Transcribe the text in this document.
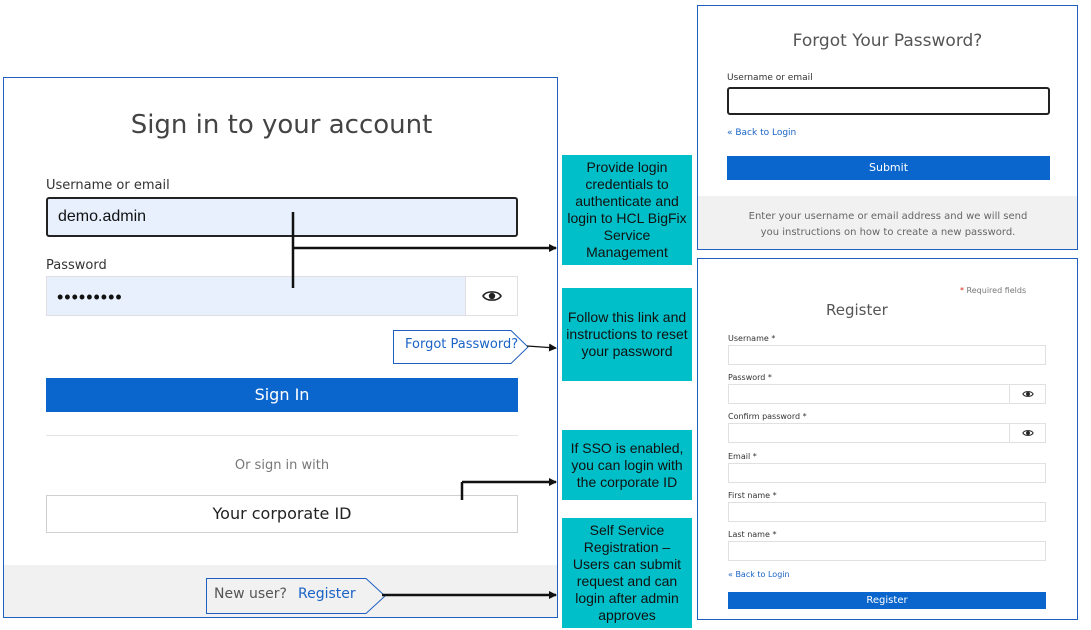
Sign in to your account
Username or email
demo.admin
Password
•••••••••
Forgot Password?
Sign In
Or sign in with
Your corporate ID
New user? Register
Provide login credentials to authenticate and login to HCL BigFix Service Management
Follow this link and instructions to reset your password
If SSO is enabled, you can login with the corporate ID
Self Service Registration – Users can submit request and can login after admin approves
Forgot Your Password?
Username or email
« Back to Login
Submit
Enter your username or email address and we will send you instructions on how to create a new password.
* Required fields
Register
Username *
Password *
Confirm password *
Email *
First name *
Last name *
« Back to Login
Register
